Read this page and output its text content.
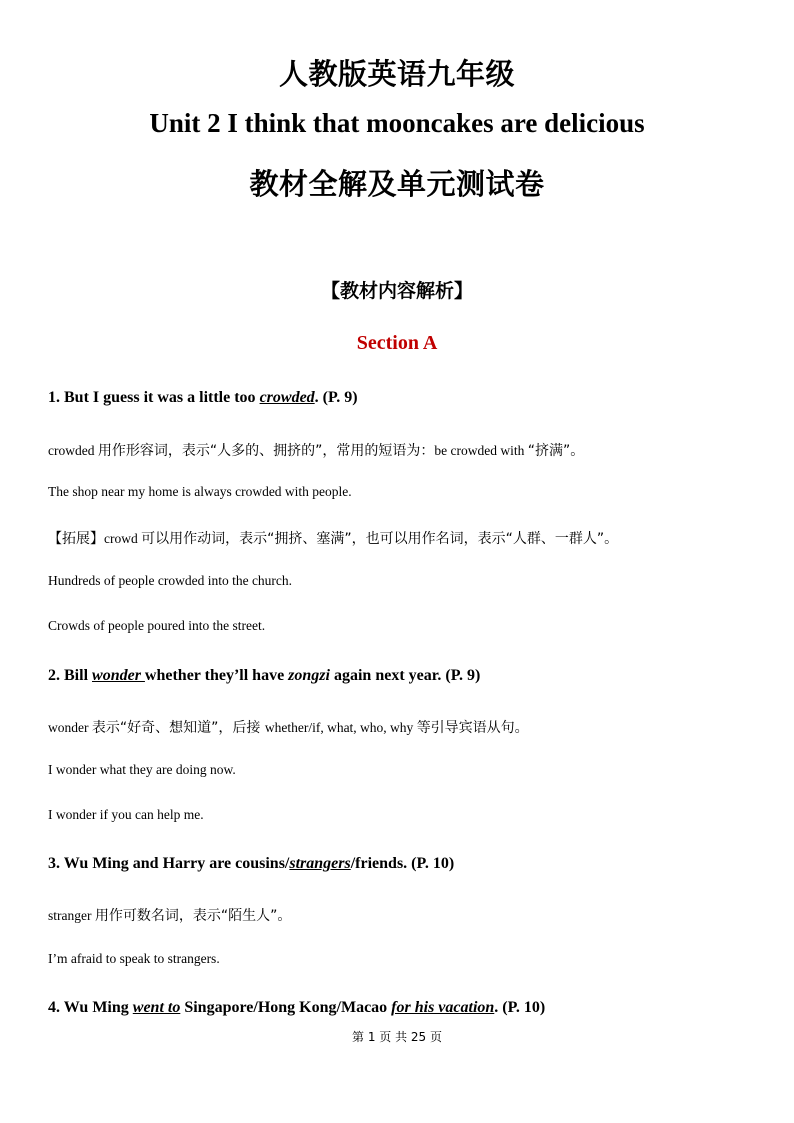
人教版英语九年级
Unit 2 I think that mooncakes are delicious
教材全解及单元测试卷
【教材内容解析】
Section A
1. But I guess it was a little too crowded. (P. 9)
crowded 用作形容词，表示“人多的、拥挤的”，常用的短语为：be crowded with “挤满”。
The shop near my home is always crowded with people.
【拓展】crowd 可以用作动词，表示“拥挤、塞满”，也可以用作名词，表示“人群、一群人”。
Hundreds of people crowded into the church.
Crowds of people poured into the street.
2. Bill wonder whether they’ll have zongzi again next year. (P. 9)
wonder 表示“好奇、想知道”，后接 whether/if, what, who, why 等引导宾语从句。
I wonder what they are doing now.
I wonder if you can help me.
3. Wu Ming and Harry are cousins/strangers/friends. (P. 10)
stranger 用作可数名词，表示“陌生人”。
I’m afraid to speak to strangers.
4. Wu Ming went to Singapore/Hong Kong/Macao for his vacation. (P. 10)
第 1 页 共 25 页
